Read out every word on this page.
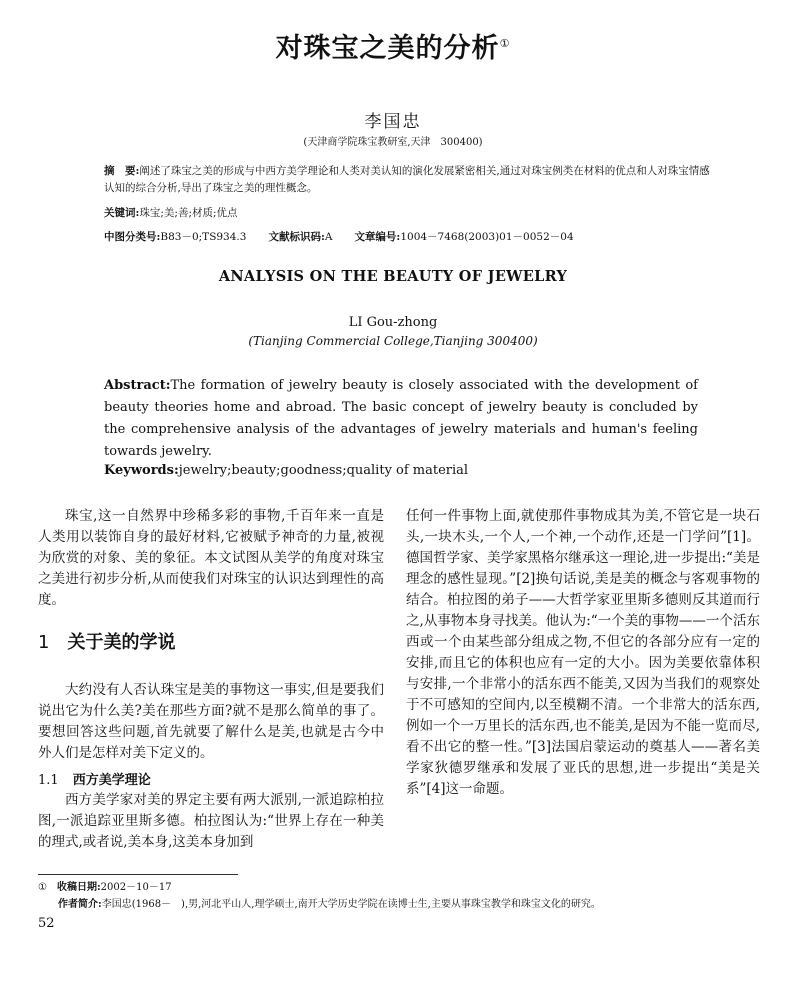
对珠宝之美的分析①
李国忠
(天津商学院珠宝教研室,天津　300400)
摘　要:阐述了珠宝之美的形成与中西方美学理论和人类对美认知的演化发展紧密相关,通过对珠宝例类在材料的优点和人对珠宝情感认知的综合分析,导出了珠宝之美的理性概念。
关键词:珠宝;美;善;材质;优点
中图分类号:B83－0;TS934.3 文献标识码:A 文章编号:1004－7468(2003)01－0052－04
ANALYSIS ON THE BEAUTY OF JEWELRY
LI Gou-zhong
(Tianjing Commercial College,Tianjing 300400)
Abstract:The formation of jewelry beauty is closely associated with the development of beauty theories home and abroad. The basic concept of jewelry beauty is concluded by the comprehensive analysis of the advantages of jewelry materials and human's feeling towards jewelry.
Keywords:jewelry;beauty;goodness;quality of material

珠宝,这一自然界中珍稀多彩的事物,千百年来一直是人类用以装饰自身的最好材料,它被赋予神奇的力量,被视为欣赏的对象、美的象征。本文试图从美学的角度对珠宝之美进行初步分析,从而使我们对珠宝的认识达到理性的高度。

1 关于美的学说

大约没有人否认珠宝是美的事物这一事实,但是要我们说出它为什么美?美在那些方面?就不是那么简单的事了。要想回答这些问题,首先就要了解什么是美,也就是古今中外人们是怎样对美下定义的。

1.1 西方美学理论

西方美学家对美的界定主要有两大派别,一派追踪柏拉图,一派追踪亚里斯多德。柏拉图认为:“世界上存在一种美的理式,或者说,美本身,这美本身加到

任何一件事物上面,就使那件事物成其为美,不管它是一块石头,一块木头,一个人,一个神,一个动作,还是一门学问”[1]。德国哲学家、美学家黑格尔继承这一理论,进一步提出:“美是理念的感性显现。”[2]换句话说,美是美的概念与客观事物的结合。柏拉图的弟子——大哲学家亚里斯多德则反其道而行之,从事物本身寻找美。他认为:“一个美的事物——一个活东西或一个由某些部分组成之物,不但它的各部分应有一定的安排,而且它的体积也应有一定的大小。因为美要依靠体积与安排,一个非常小的活东西不能美,又因为当我们的观察处于不可感知的空间内,以至模糊不清。一个非常大的活东西,例如一个一万里长的活东西,也不能美,是因为不能一览而尽,看不出它的整一性。”[3]法国启蒙运动的奠基人——著名美学家狄德罗继承和发展了亚氏的思想,进一步提出“美是关系”[4]这一命题。

①　 收稿日期:2002－10－17
作者简介:李国忠(1968－　),男,河北平山人,理学硕士,南开大学历史学院在读博士生,主要从事珠宝教学和珠宝文化的研究。
52
